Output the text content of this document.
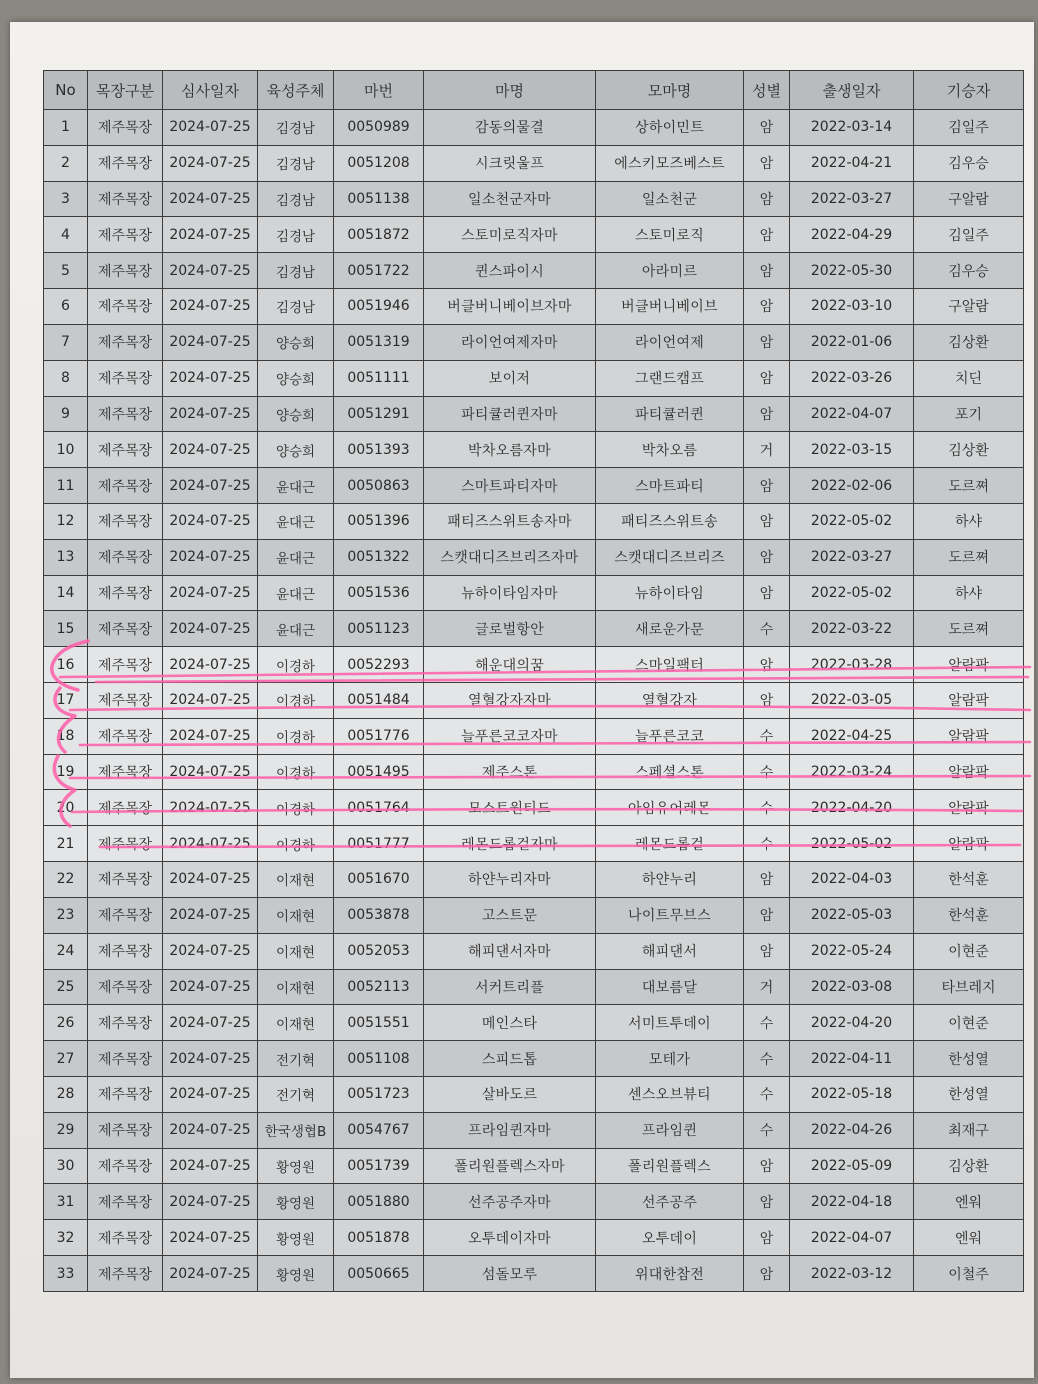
No	목장구분	심사일자	육성주체	마번	마명	모마명	성별	출생일자	기승자
1	제주목장	2024-07-25	김경남	0050989	감동의물결	상하이민트	암	2022-03-14	김일주
2	제주목장	2024-07-25	김경남	0051208	시크릿울프	에스키모즈베스트	암	2022-04-21	김우승
3	제주목장	2024-07-25	김경남	0051138	일소천군자마	일소천군	암	2022-03-27	구알람
4	제주목장	2024-07-25	김경남	0051872	스토미로직자마	스토미로직	암	2022-04-29	김일주
5	제주목장	2024-07-25	김경남	0051722	퀸스파이시	아라미르	암	2022-05-30	김우승
6	제주목장	2024-07-25	김경남	0051946	버클버니베이브자마	버클버니베이브	암	2022-03-10	구알람
7	제주목장	2024-07-25	양승희	0051319	라이언여제자마	라이언여제	암	2022-01-06	김상환
8	제주목장	2024-07-25	양승희	0051111	보이저	그랜드캠프	암	2022-03-26	치딘
9	제주목장	2024-07-25	양승희	0051291	파티큘러퀸자마	파티큘러퀸	암	2022-04-07	포기
10	제주목장	2024-07-25	양승희	0051393	박차오름자마	박차오름	거	2022-03-15	김상환
11	제주목장	2024-07-25	윤대근	0050863	스마트파티자마	스마트파티	암	2022-02-06	도르쪄
12	제주목장	2024-07-25	윤대근	0051396	패티즈스위트송자마	패티즈스위트송	암	2022-05-02	하샤
13	제주목장	2024-07-25	윤대근	0051322	스캣대디즈브리즈자마	스캣대디즈브리즈	암	2022-03-27	도르쪄
14	제주목장	2024-07-25	윤대근	0051536	뉴하이타임자마	뉴하이타임	암	2022-05-02	하샤
15	제주목장	2024-07-25	윤대근	0051123	글로벌항안	새로운가문	수	2022-03-22	도르쪄
16	제주목장	2024-07-25	이경하	0052293	해운대의꿈	스마일팩터	암	2022-03-28	알람팍
17	제주목장	2024-07-25	이경하	0051484	열혈강자자마	열혈강자	암	2022-03-05	알람팍
18	제주목장	2024-07-25	이경하	0051776	늘푸른코코자마	늘푸른코코	수	2022-04-25	알람팍
19	제주목장	2024-07-25	이경하	0051495	제주스톤	스페셜스톤	수	2022-03-24	알람팍
20	제주목장	2024-07-25	이경하	0051764	모스트원티드	아임유어레몬	수	2022-04-20	알람팍
21	제주목장	2024-07-25	이경하	0051777	레몬드롭걸자마	레몬드롭걸	수	2022-05-02	알람팍
22	제주목장	2024-07-25	이재현	0051670	하얀누리자마	하얀누리	암	2022-04-03	한석훈
23	제주목장	2024-07-25	이재현	0053878	고스트문	나이트무브스	암	2022-05-03	한석훈
24	제주목장	2024-07-25	이재현	0052053	해피댄서자마	해피댄서	암	2022-05-24	이현준
25	제주목장	2024-07-25	이재현	0052113	서커트리플	대보름달	거	2022-03-08	타브레지
26	제주목장	2024-07-25	이재현	0051551	메인스타	서미트투데이	수	2022-04-20	이현준
27	제주목장	2024-07-25	전기혁	0051108	스피드톱	모테가	수	2022-04-11	한성열
28	제주목장	2024-07-25	전기혁	0051723	살바도르	센스오브뷰티	수	2022-05-18	한성열
29	제주목장	2024-07-25	한국생협B	0054767	프라임퀸자마	프라임퀸	수	2022-04-26	최재구
30	제주목장	2024-07-25	황영원	0051739	폴리원플렉스자마	폴리원플렉스	암	2022-05-09	김상환
31	제주목장	2024-07-25	황영원	0051880	선주공주자마	선주공주	암	2022-04-18	엔워
32	제주목장	2024-07-25	황영원	0051878	오투데이자마	오투데이	암	2022-04-07	엔워
33	제주목장	2024-07-25	황영원	0050665	섬돌모루	위대한참전	암	2022-03-12	이철주
